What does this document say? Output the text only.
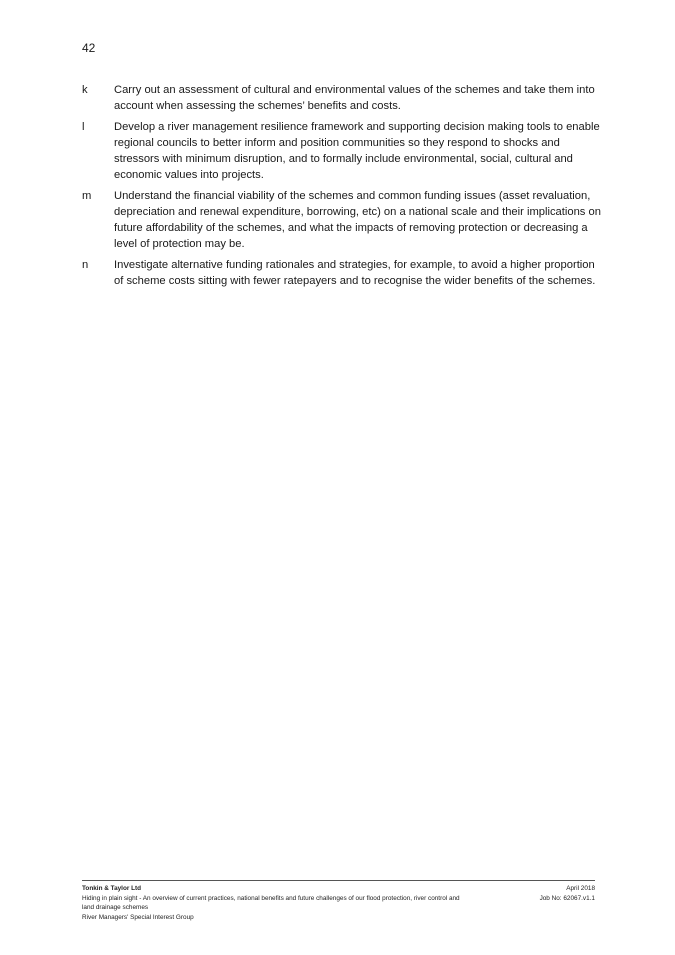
42
k	Carry out an assessment of cultural and environmental values of the schemes and take them into account when assessing the schemes’ benefits and costs.
l	Develop a river management resilience framework and supporting decision making tools to enable regional councils to better inform and position communities so they respond to shocks and stressors with minimum disruption, and to formally include environmental, social, cultural and economic values into projects.
m	Understand the financial viability of the schemes and common funding issues (asset revaluation, depreciation and renewal expenditure, borrowing, etc) on a national scale and their implications on future affordability of the schemes, and what the impacts of removing protection or decreasing a level of protection may be.
n	Investigate alternative funding rationales and strategies, for example, to avoid a higher proportion of scheme costs sitting with fewer ratepayers and to recognise the wider benefits of the schemes.
Tonkin & Taylor Ltd	April 2018
Hiding in plain sight - An overview of current practices, national benefits and future challenges of our flood protection, river control and land drainage schemes
Job No: 62067.v1.1
River Managers' Special Interest Group
